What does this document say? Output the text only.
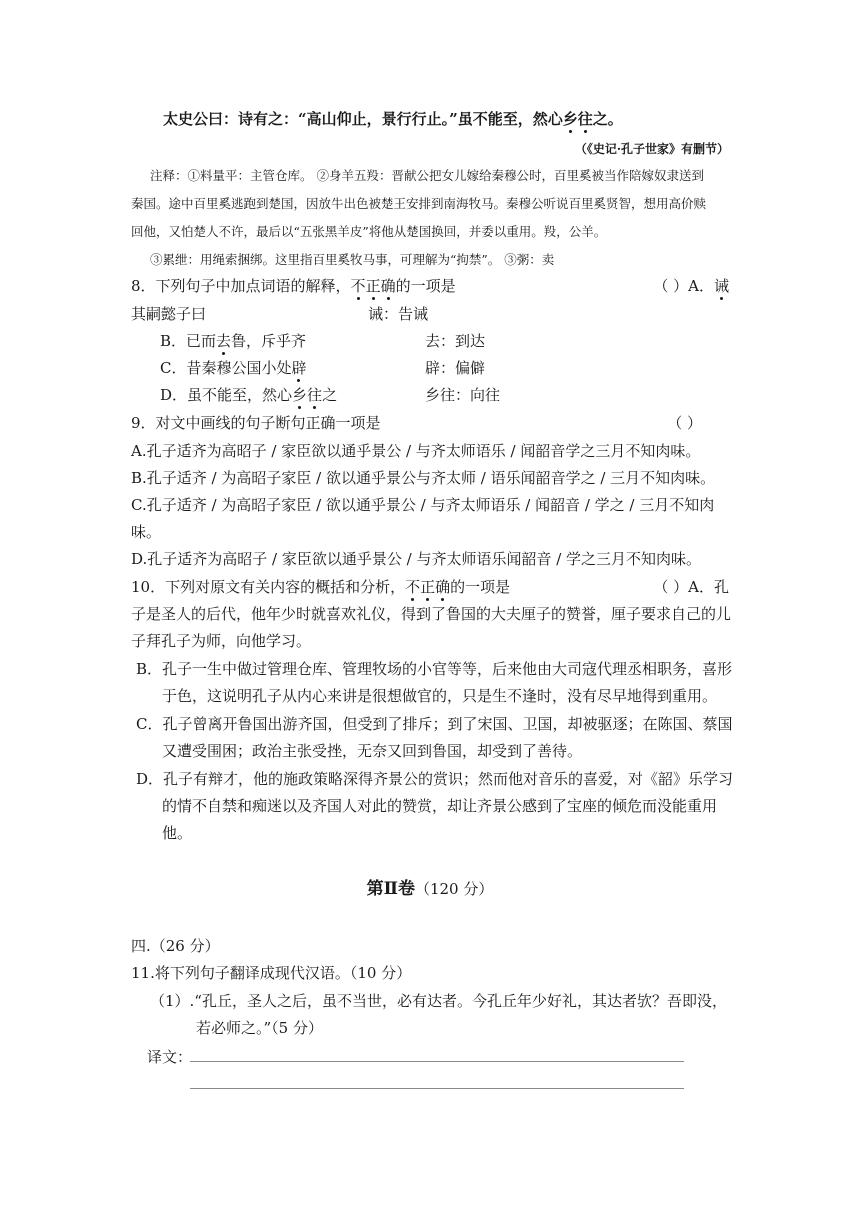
太史公曰：诗有之：“高山仰止，景行行止。”虽不能至，然心乡往之。
（《史记·孔子世家》有删节）
注释：①料量平：主管仓库。 ②身羊五羖：晋献公把女儿嫁给秦穆公时，百里奚被当作陪嫁奴隶送到
秦国。途中百里奚逃跑到楚国，因放牛出色被楚王安排到南海牧马。秦穆公听说百里奚贤智，想用高价赎
回他，又怕楚人不许，最后以“五张黑羊皮”将他从楚国换回，并委以重用。羖，公羊。
③累绁：用绳索捆绑。这里指百里奚牧马事，可理解为“拘禁”。 ③粥：卖
8．下列句子中加点词语的解释，不正确的一项是	（ ）A．诫
其嗣懿子曰	诫：告诫
B．已而去鲁，斥乎齐	去：到达
C．昔秦穆公国小处辟	辟：偏僻
D．虽不能至，然心乡往之	乡往：向往
9．对文中画线的句子断句正确一项是	（ ）
A.孔子适齐为高昭子 / 家臣欲以通乎景公 / 与齐太师语乐 / 闻韶音学之三月不知肉味。
B.孔子适齐 / 为高昭子家臣 / 欲以通乎景公与齐太师 / 语乐闻韶音学之 / 三月不知肉味。
C.孔子适齐 / 为高昭子家臣 / 欲以通乎景公 / 与齐太师语乐 / 闻韶音 / 学之 / 三月不知肉
味。
D.孔子适齐为高昭子 / 家臣欲以通乎景公 / 与齐太师语乐闻韶音 / 学之三月不知肉味。
10．下列对原文有关内容的概括和分析，不正确的一项是	（ ）A．孔
子是圣人的后代，他年少时就喜欢礼仪，得到了鲁国的大夫厘子的赞誉，厘子要求自己的儿
子拜孔子为师，向他学习。
B．孔子一生中做过管理仓库、管理牧场的小官等等，后来他由大司寇代理丞相职务，喜形
于色，这说明孔子从内心来讲是很想做官的，只是生不逢时，没有尽早地得到重用。
C．孔子曾离开鲁国出游齐国，但受到了排斥；到了宋国、卫国，却被驱逐；在陈国、蔡国
又遭受围困；政治主张受挫，无奈又回到鲁国，却受到了善待。
D．孔子有辩才，他的施政策略深得齐景公的赏识；然而他对音乐的喜爱，对《韶》乐学习
的情不自禁和痴迷以及齐国人对此的赞赏，却让齐景公感到了宝座的倾危而没能重用
他。
第Ⅱ卷（120 分）
四.（26 分）
11.将下列句子翻译成现代汉语。（10 分）
（1）.“孔丘，圣人之后，虽不当世，必有达者。今孔丘年少好礼，其达者欤？吾即没，
若必师之。”（5 分）
译文：
